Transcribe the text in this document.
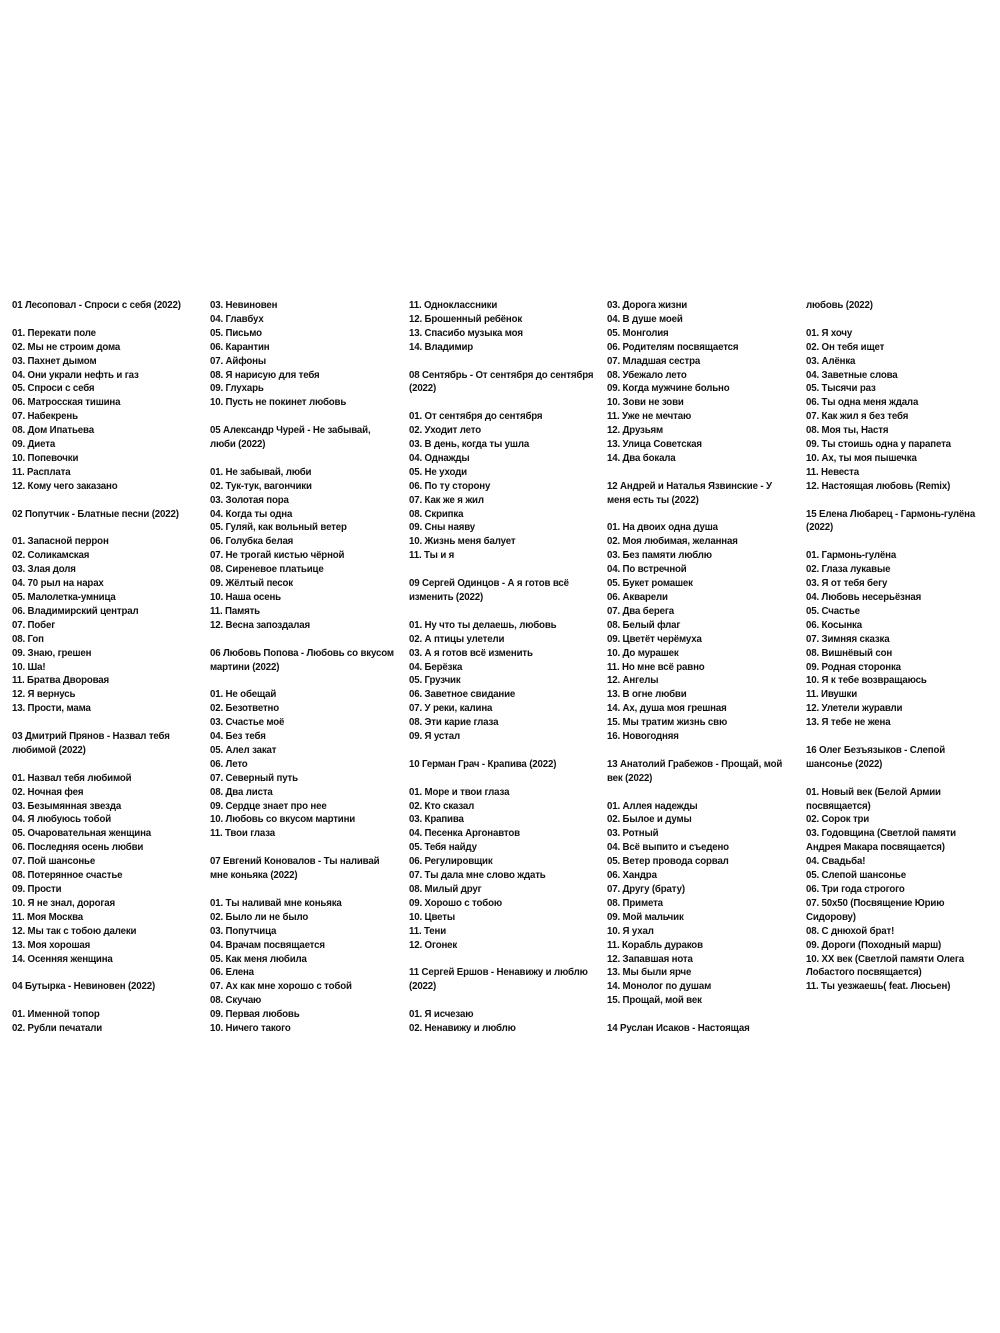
01 Лесоповал - Спроси с себя (2022)
01. Перекати поле
02. Мы не строим дома
03. Пахнет дымом
04. Они украли нефть и газ
05. Спроси с себя
06. Матросская тишина
07. Набекрень
08. Дом Ипатьева
09. Диета
10. Попевочки
11. Расплата
12. Кому чего заказано
02 Попутчик - Блатные песни (2022)
01. Запасной перрон
02. Соликамская
03. Злая доля
04. 70 рыл на нарах
05. Малолетка-умница
06. Владимирский централ
07. Побег
08. Гоп
09. Знаю, грешен
10. Ша!
11. Братва Дворовая
12. Я вернусь
13. Прости, мама
03 Дмитрий Прянов - Назвал тебя любимой (2022)
01. Назвал тебя любимой
02. Ночная фея
03. Безымянная звезда
04. Я любуюсь тобой
05. Очаровательная женщина
06. Последняя осень любви
07. Пой шансонье
08. Потерянное счастье
09. Прости
10. Я не знал, дорогая
11. Моя Москва
12. Мы так с тобою далеки
13. Моя хорошая
14. Осенняя женщина
04 Бутырка - Невиновен (2022)
01. Именной топор
02. Рубли печатали
03. Невиновен
04. Главбух
05. Письмо
06. Карантин
07. Айфоны
08. Я нарисую для тебя
09. Глухарь
10. Пусть не покинет любовь
05 Александр Чурей - Не забывай, люби (2022)
01. Не забывай, люби
02. Тук-тук, вагончики
03. Золотая пора
04. Когда ты одна
05. Гуляй, как вольный ветер
06. Голубка белая
07. Не трогай кистью чёрной
08. Сиреневое платьице
09. Жёлтый песок
10. Наша осень
11. Память
12. Весна запоздалая
06 Любовь Попова - Любовь со вкусом мартини (2022)
01. Не обещай
02. Безответно
03. Счастье моё
04. Без тебя
05. Алел закат
06. Лето
07. Северный путь
08. Два листа
09. Сердце знает про нее
10. Любовь со вкусом мартини
11. Твои глаза
07 Евгений Коновалов - Ты наливай мне коньяка (2022)
01. Ты наливай мне коньяка
02. Было ли не было
03. Попутчица
04. Врачам посвящается
05. Как меня любила
06. Елена
07. Ах как мне хорошо с тобой
08. Скучаю
09. Первая любовь
10. Ничего такого
11. Одноклассники
12. Брошенный ребёнок
13. Спасибо музыка моя
14. Владимир
08 Сентябрь - От сентября до сентября (2022)
01. От сентября до сентября
02. Уходит лето
03. В день, когда ты ушла
04. Однажды
05. Не уходи
06. По ту сторону
07. Как же я жил
08. Скрипка
09. Сны наяву
10. Жизнь меня балует
11. Ты и я
09 Сергей Одинцов - А я готов всё изменить (2022)
01. Ну что ты делаешь, любовь
02. А птицы улетели
03. А я готов всё изменить
04. Берёзка
05. Грузчик
06. Заветное свидание
07. У реки, калина
08. Эти карие глаза
09. Я устал
10 Герман Грач - Крапива (2022)
01. Море и твои глаза
02. Кто сказал
03. Крапива
04. Песенка Аргонавтов
05. Тебя найду
06. Регулировщик
07. Ты дала мне слово ждать
08. Милый друг
09. Хорошо с тобою
10. Цветы
11. Тени
12. Огонек
11 Сергей Ершов - Ненавижу и люблю (2022)
01. Я исчезаю
02. Ненавижу и люблю
03. Дорога жизни
04. В душе моей
05. Монголия
06. Родителям посвящается
07. Младшая сестра
08. Убежало лето
09. Когда мужчине больно
10. Зови не зови
11. Уже не мечтаю
12. Друзьям
13. Улица Советская
14. Два бокала
12 Андрей и Наталья Язвинские - У меня есть ты (2022)
01. На двоих одна душа
02. Моя любимая, желанная
03. Без памяти люблю
04. По встречной
05. Букет ромашек
06. Акварели
07. Два берега
08. Белый флаг
09. Цветёт черёмуха
10. До мурашек
11. Но мне всё равно
12. Ангелы
13. В огне любви
14. Ах, душа моя грешная
15. Мы тратим жизнь свю
16. Новогодняя
13 Анатолий Грабежов - Прощай, мой век (2022)
01. Аллея надежды
02. Былое и думы
03. Ротный
04. Всё выпито и съедено
05. Ветер провода сорвал
06. Хандра
07. Другу (брату)
08. Примета
09. Мой мальчик
10. Я ухал
11. Корабль дураков
12. Запавшая нота
13. Мы были ярче
14. Монолог по душам
15. Прощай, мой век
14 Руслан Исаков - Настоящая
любовь (2022)
01. Я хочу
02. Он тебя ищет
03. Алёнка
04. Заветные слова
05. Тысячи раз
06. Ты одна меня ждала
07. Как жил я без тебя
08. Моя ты, Настя
09. Ты стоишь одна у парапета
10. Ах, ты моя пышечка
11. Невеста
12. Настоящая любовь (Remix)
15 Елена Любарец - Гармонь-гулёна (2022)
01. Гармонь-гулёна
02. Глаза лукавые
03. Я от тебя бегу
04. Любовь несерьёзная
05. Счастье
06. Косынка
07. Зимняя сказка
08. Вишнёвый сон
09. Родная сторонка
10. Я к тебе возвращаюсь
11. Ивушки
12. Улетели журавли
13. Я тебе не жена
16 Олег Безъязыков - Слепой шансонье (2022)
01. Новый век (Белой Армии посвящается)
02. Сорок три
03. Годовщина (Светлой памяти Андрея Макара посвящается)
04. Свадьба!
05. Слепой шансонье
06. Три года строгого
07. 50х50 (Посвящение Юрию Сидорову)
08. С днюхой брат!
09. Дороги (Походный марш)
10. XX век (Светлой памяти Олега Лобастого посвящается)
11. Ты уезжаешь( feat. Люсьен)
